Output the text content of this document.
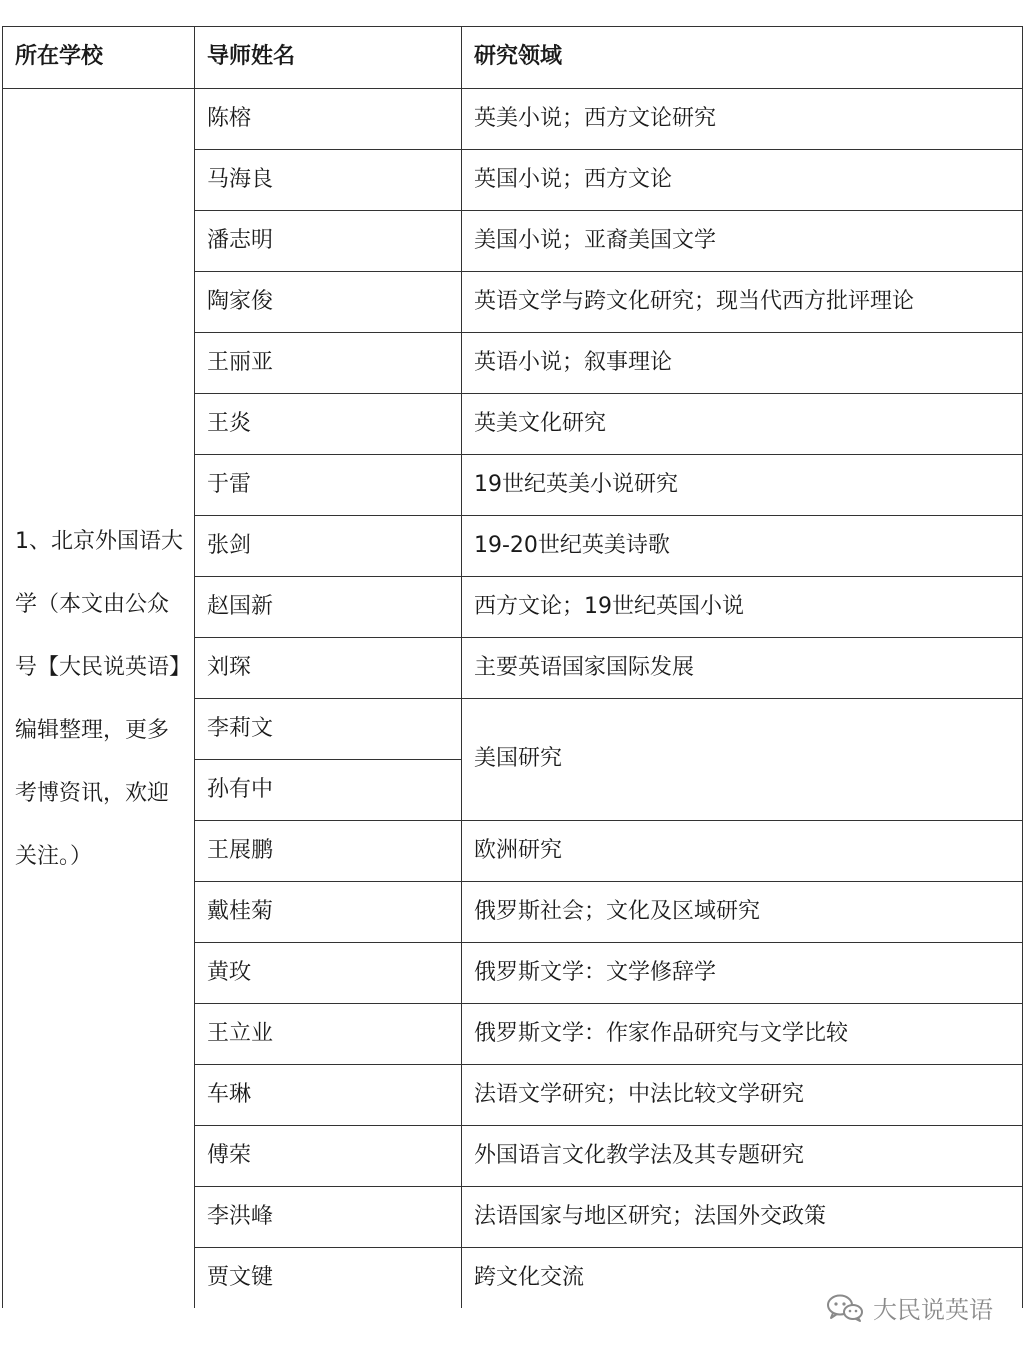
所在学校	导师姓名	研究领域
1、北京外国语大学（本文由公众号【大民说英语】编辑整理，更多考博资讯，欢迎关注。）	陈榕	英美小说；西方文论研究
	马海良	英国小说；西方文论
	潘志明	美国小说；亚裔美国文学
	陶家俊	英语文学与跨文化研究；现当代西方批评理论
	王丽亚	英语小说；叙事理论
	王炎	英美文化研究
	于雷	19世纪英美小说研究
	张剑	19-20世纪英美诗歌
	赵国新	西方文论；19世纪英国小说
	刘琛	主要英语国家国际发展
	李莉文	美国研究
	孙有中	
	王展鹏	欧洲研究
	戴桂菊	俄罗斯社会；文化及区域研究
	黄玫	俄罗斯文学：文学修辞学
	王立业	俄罗斯文学：作家作品研究与文学比较
	车琳	法语文学研究；中法比较文学研究
	傅荣	外国语言文化教学法及其专题研究
	李洪峰	法语国家与地区研究；法国外交政策
	贾文键	跨文化交流
大民说英语
